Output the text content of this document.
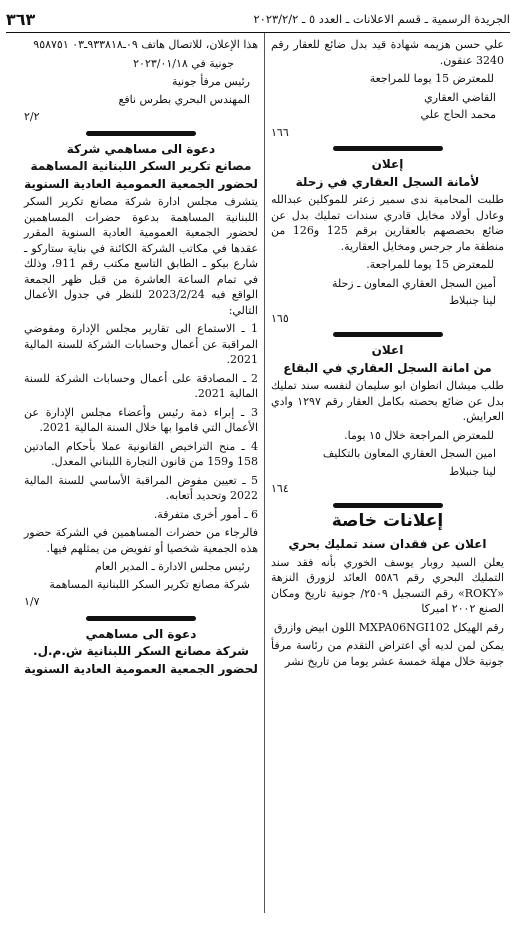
الجريدة الرسمية ـ قسم الاعلانات ـ العدد ٥ ـ ٢٠٢٣/٢/٢
٣٦٣

علي حسن هزيمه شهادة قيد بدل ضائع للعقار رقم 3240 عنقون.

للمعترض 15 يوما للمراجعة

القاضي العقاري

محمد الحاج علي

١٦٦

إعلان

لأمانة السجل العقاري في زحلة

طلبت المحامية ندى سمير زعتر للموكلين عبدالله وعادل أولاد مخايل قادري سندات تمليك بدل عن ضائع بحصصهم بالعقارين برقم 125 و126 من منطقة مار جرجس ومخايل العقارية.

للمعترض 15 يوما للمراجعة.

أمين السجل العقاري المعاون ـ زحلة

لينا جنبلاط

١٦٥

اعلان

من امانة السجل العقاري في البقاع

طلب ميشال انطوان ابو سليمان لنفسه سند تمليك بدل عن ضائع بحصته بكامل العقار رقم ١٢٩٧ وادي العرايش.

للمعترض المراجعة خلال ١٥ يوما.

امين السجل العقاري المعاون بالتكليف

لينا جنبلاط

١٦٤

إعلانات خاصة

اعلان عن فقدان سند تمليك بحري

يعلن السيد روبار يوسف الخوري بأنه فقد سند التمليك البحري رقم ٥٥٨٦ العائد لزورق النزهة «ROKY» رقم التسجيل ٢٥٠٩/ جونية تاريخ ومكان الصنع ٢٠٠٢ اميركا

رقم الهيكل MXPA06NGI102 اللون ابيض وازرق

يمكن لمن لديه أي اعتراض التقدم من رئاسة مرفأ جونية خلال مهلة خمسة عشر يوما من تاريخ نشر

هذا الإعلان، للاتصال هاتف ٠٩ـ٩٣٣٨١٨ـ٠٣ ٩٥٨٧٥١

جونية في ٢٠٢٣/٠١/١٨

رئيس مرفأ جونية

المهندس البحري بطرس نافع

٢/٢

دعوة الى مساهمي شركة

مصانع تكرير السكر اللبنانية المساهمة

لحضور الجمعية العمومية العادية السنوية

يتشرف مجلس ادارة شركة مصانع تكرير السكر اللبنانية المساهمة بدعوة حضرات المساهمين لحضور الجمعية العمومية العادية السنوية المقرر عقدها في مكاتب الشركة الكائنة في بناية ستاركو ـ شارع بيكو ـ الطابق التاسع مكتب رقم 911، وذلك في تمام الساعة العاشرة من قبل ظهر الجمعة الواقع فيه 2023/2/24 للنظر في جدول الأعمال التالي:

1 ـ الاستماع الى تقارير مجلس الإدارة ومفوضي المراقبة عن أعمال وحسابات الشركة للسنة المالية 2021.

2 ـ المصادقة على أعمال وحسابات الشركة للسنة المالية 2021.

3 ـ إبراء ذمة رئيس وأعضاء مجلس الإدارة عن الأعمال التي قاموا بها خلال السنة المالية 2021.

4 ـ منح التراخيص القانونية عملا بأحكام المادتين 158 و159 من قانون التجارة اللبناني المعدل.

5 ـ تعيين مفوض المراقبة الأساسي للسنة المالية 2022 وتحديد أتعابه.

6 ـ أمور أخرى متفرقة.

فالرجاء من حضرات المساهمين في الشركة حضور هذه الجمعية شخصيا أو تفويض من يمثلهم فيها.

رئيس مجلس الادارة ـ المدير العام

شركة مصانع تكرير السكر اللبنانية المساهمة

١/٧

دعوة الى مساهمي

شركة مصانع السكر اللبنانية ش.م.ل.

لحضور الجمعية العمومية العادية السنوية
